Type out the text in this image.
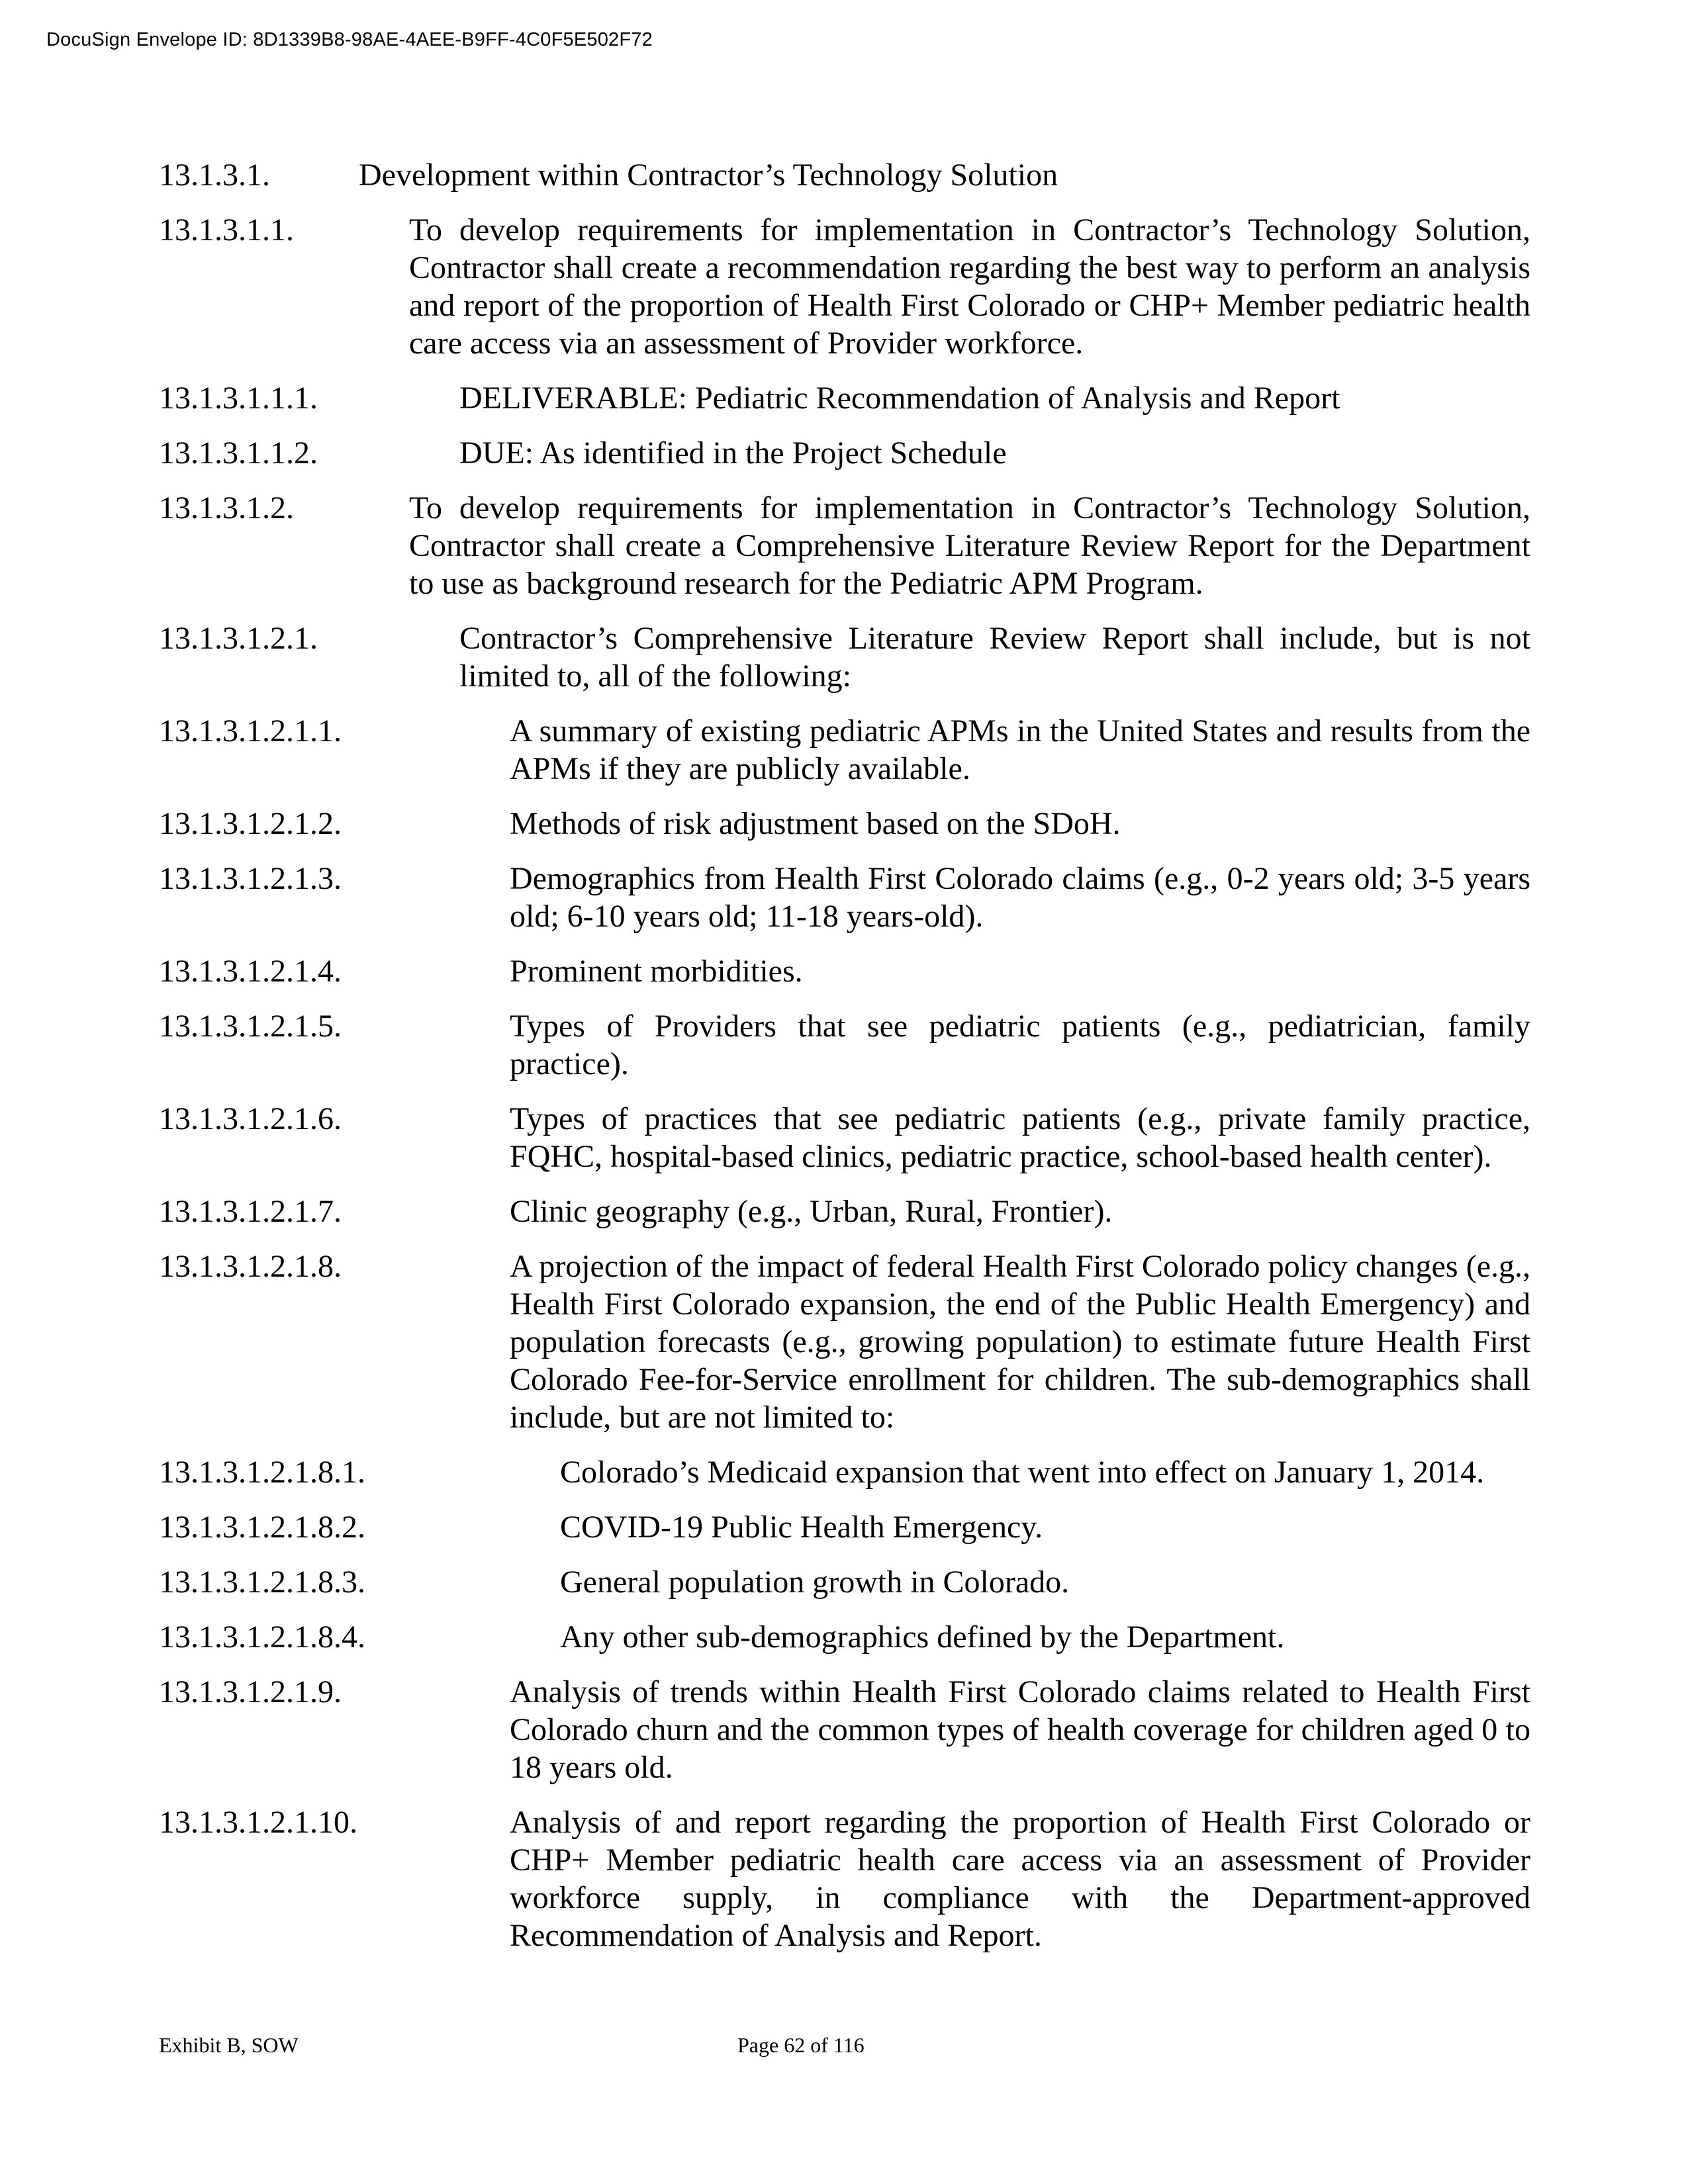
DocuSign Envelope ID: 8D1339B8-98AE-4AEE-B9FF-4C0F5E502F72
13.1.3.1.	Development within Contractor’s Technology Solution
13.1.3.1.1.	To develop requirements for implementation in Contractor’s Technology Solution, Contractor shall create a recommendation regarding the best way to perform an analysis and report of the proportion of Health First Colorado or CHP+ Member pediatric health care access via an assessment of Provider workforce.
13.1.3.1.1.1.	DELIVERABLE: Pediatric Recommendation of Analysis and Report
13.1.3.1.1.2.	DUE: As identified in the Project Schedule
13.1.3.1.2.	To develop requirements for implementation in Contractor’s Technology Solution, Contractor shall create a Comprehensive Literature Review Report for the Department to use as background research for the Pediatric APM Program.
13.1.3.1.2.1.	Contractor’s Comprehensive Literature Review Report shall include, but is not limited to, all of the following:
13.1.3.1.2.1.1.	A summary of existing pediatric APMs in the United States and results from the APMs if they are publicly available.
13.1.3.1.2.1.2.	Methods of risk adjustment based on the SDoH.
13.1.3.1.2.1.3.	Demographics from Health First Colorado claims (e.g., 0-2 years old; 3-5 years old; 6-10 years old; 11-18 years-old).
13.1.3.1.2.1.4.	Prominent morbidities.
13.1.3.1.2.1.5.	Types of Providers that see pediatric patients (e.g., pediatrician, family practice).
13.1.3.1.2.1.6.	Types of practices that see pediatric patients (e.g., private family practice, FQHC, hospital-based clinics, pediatric practice, school-based health center).
13.1.3.1.2.1.7.	Clinic geography (e.g., Urban, Rural, Frontier).
13.1.3.1.2.1.8.	A projection of the impact of federal Health First Colorado policy changes (e.g., Health First Colorado expansion, the end of the Public Health Emergency) and population forecasts (e.g., growing population) to estimate future Health First Colorado Fee-for-Service enrollment for children. The sub-demographics shall include, but are not limited to:
13.1.3.1.2.1.8.1.	Colorado’s Medicaid expansion that went into effect on January 1, 2014.
13.1.3.1.2.1.8.2.	COVID-19 Public Health Emergency.
13.1.3.1.2.1.8.3.	General population growth in Colorado.
13.1.3.1.2.1.8.4.	Any other sub-demographics defined by the Department.
13.1.3.1.2.1.9.	Analysis of trends within Health First Colorado claims related to Health First Colorado churn and the common types of health coverage for children aged 0 to 18 years old.
13.1.3.1.2.1.10.	Analysis of and report regarding the proportion of Health First Colorado or CHP+ Member pediatric health care access via an assessment of Provider workforce supply, in compliance with the Department-approved Recommendation of Analysis and Report.
Exhibit B, SOW	Page 62 of 116
